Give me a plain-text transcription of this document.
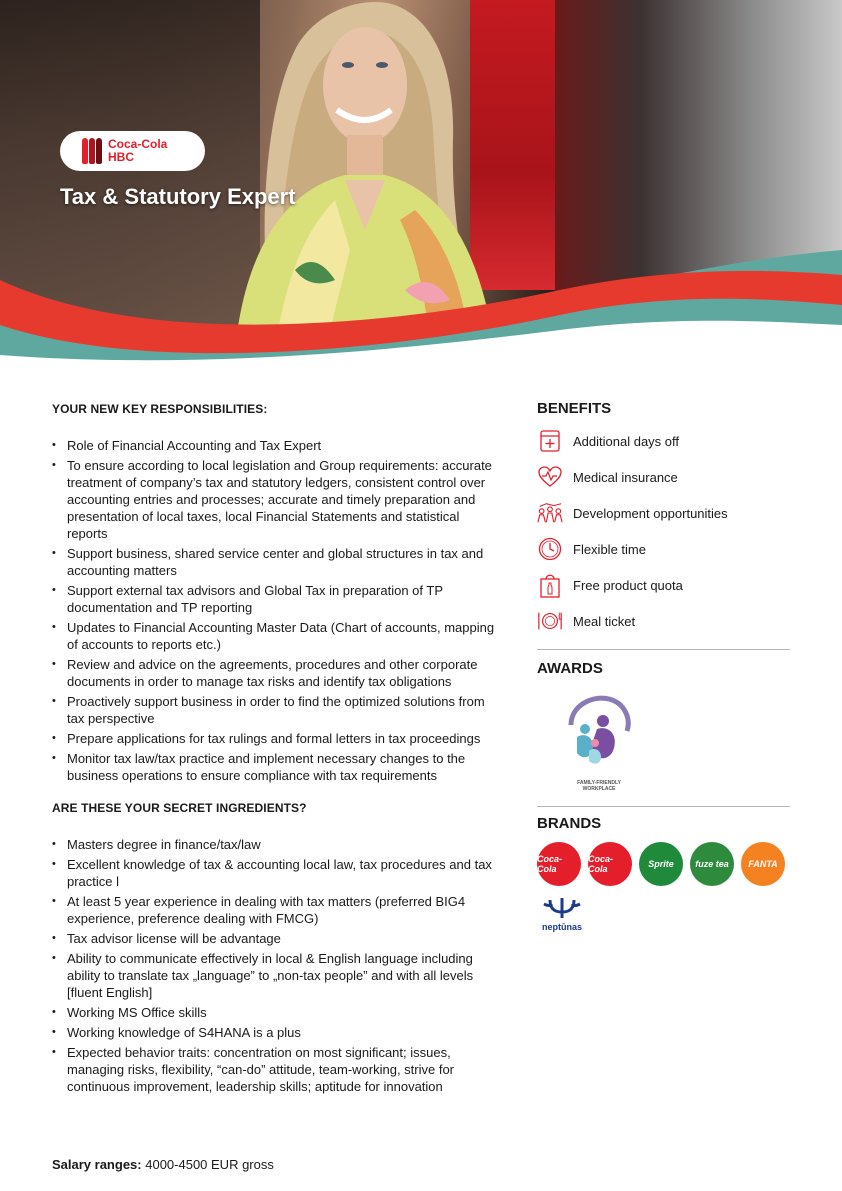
Coca-Cola
HBC
Tax & Statutory Expert
YOUR NEW KEY RESPONSIBILITIES:
• Role of Financial Accounting and Tax Expert
• To ensure according to local legislation and Group requirements: accurate treatment of company’s tax and statutory ledgers, consistent control over accounting entries and processes; accurate and timely preparation and presentation of local taxes, local Financial Statements and statistical reports
• Support business, shared service center and global structures in tax and accounting matters
• Support external tax advisors and Global Tax in preparation of TP documentation and TP reporting
• Updates to Financial Accounting Master Data (Chart of accounts, mapping of accounts to reports etc.)
• Review and advice on the agreements, procedures and other corporate documents in order to manage tax risks and identify tax obligations
• Proactively support business in order to find the optimized solutions from tax perspective
• Prepare applications for tax rulings and formal letters in tax proceedings
• Monitor tax law/tax practice and implement necessary changes to the business operations to ensure compliance with tax requirements
ARE THESE YOUR SECRET INGREDIENTS?
• Masters degree in finance/tax/law
• Excellent knowledge of tax & accounting local law, tax procedures and tax practice l
• At least 5 year experience in dealing with tax matters (preferred BIG4 experience, preference dealing with FMCG)
• Tax advisor license will be advantage
• Ability to communicate effectively in local & English language including ability to translate tax „language” to „non-tax people” and with all levels [fluent English]
• Working MS Office skills
• Working knowledge of S4HANA is a plus
• Expected behavior traits: concentration on most significant; issues, managing risks, flexibility, “can-do” attitude, team-working, strive for continuous improvement, leadership skills; aptitude for innovation
Salary ranges: 4000-4500 EUR gross
BENEFITS
Additional days off
Medical insurance
Development opportunities
Flexible time
Free product quota
Meal ticket
AWARDS
FAMILY-FRIENDLY
WORKPLACE
BRANDS
Coca-Cola
Coca-Cola	Sprite	fuze tea	FANTA
neptūnas
